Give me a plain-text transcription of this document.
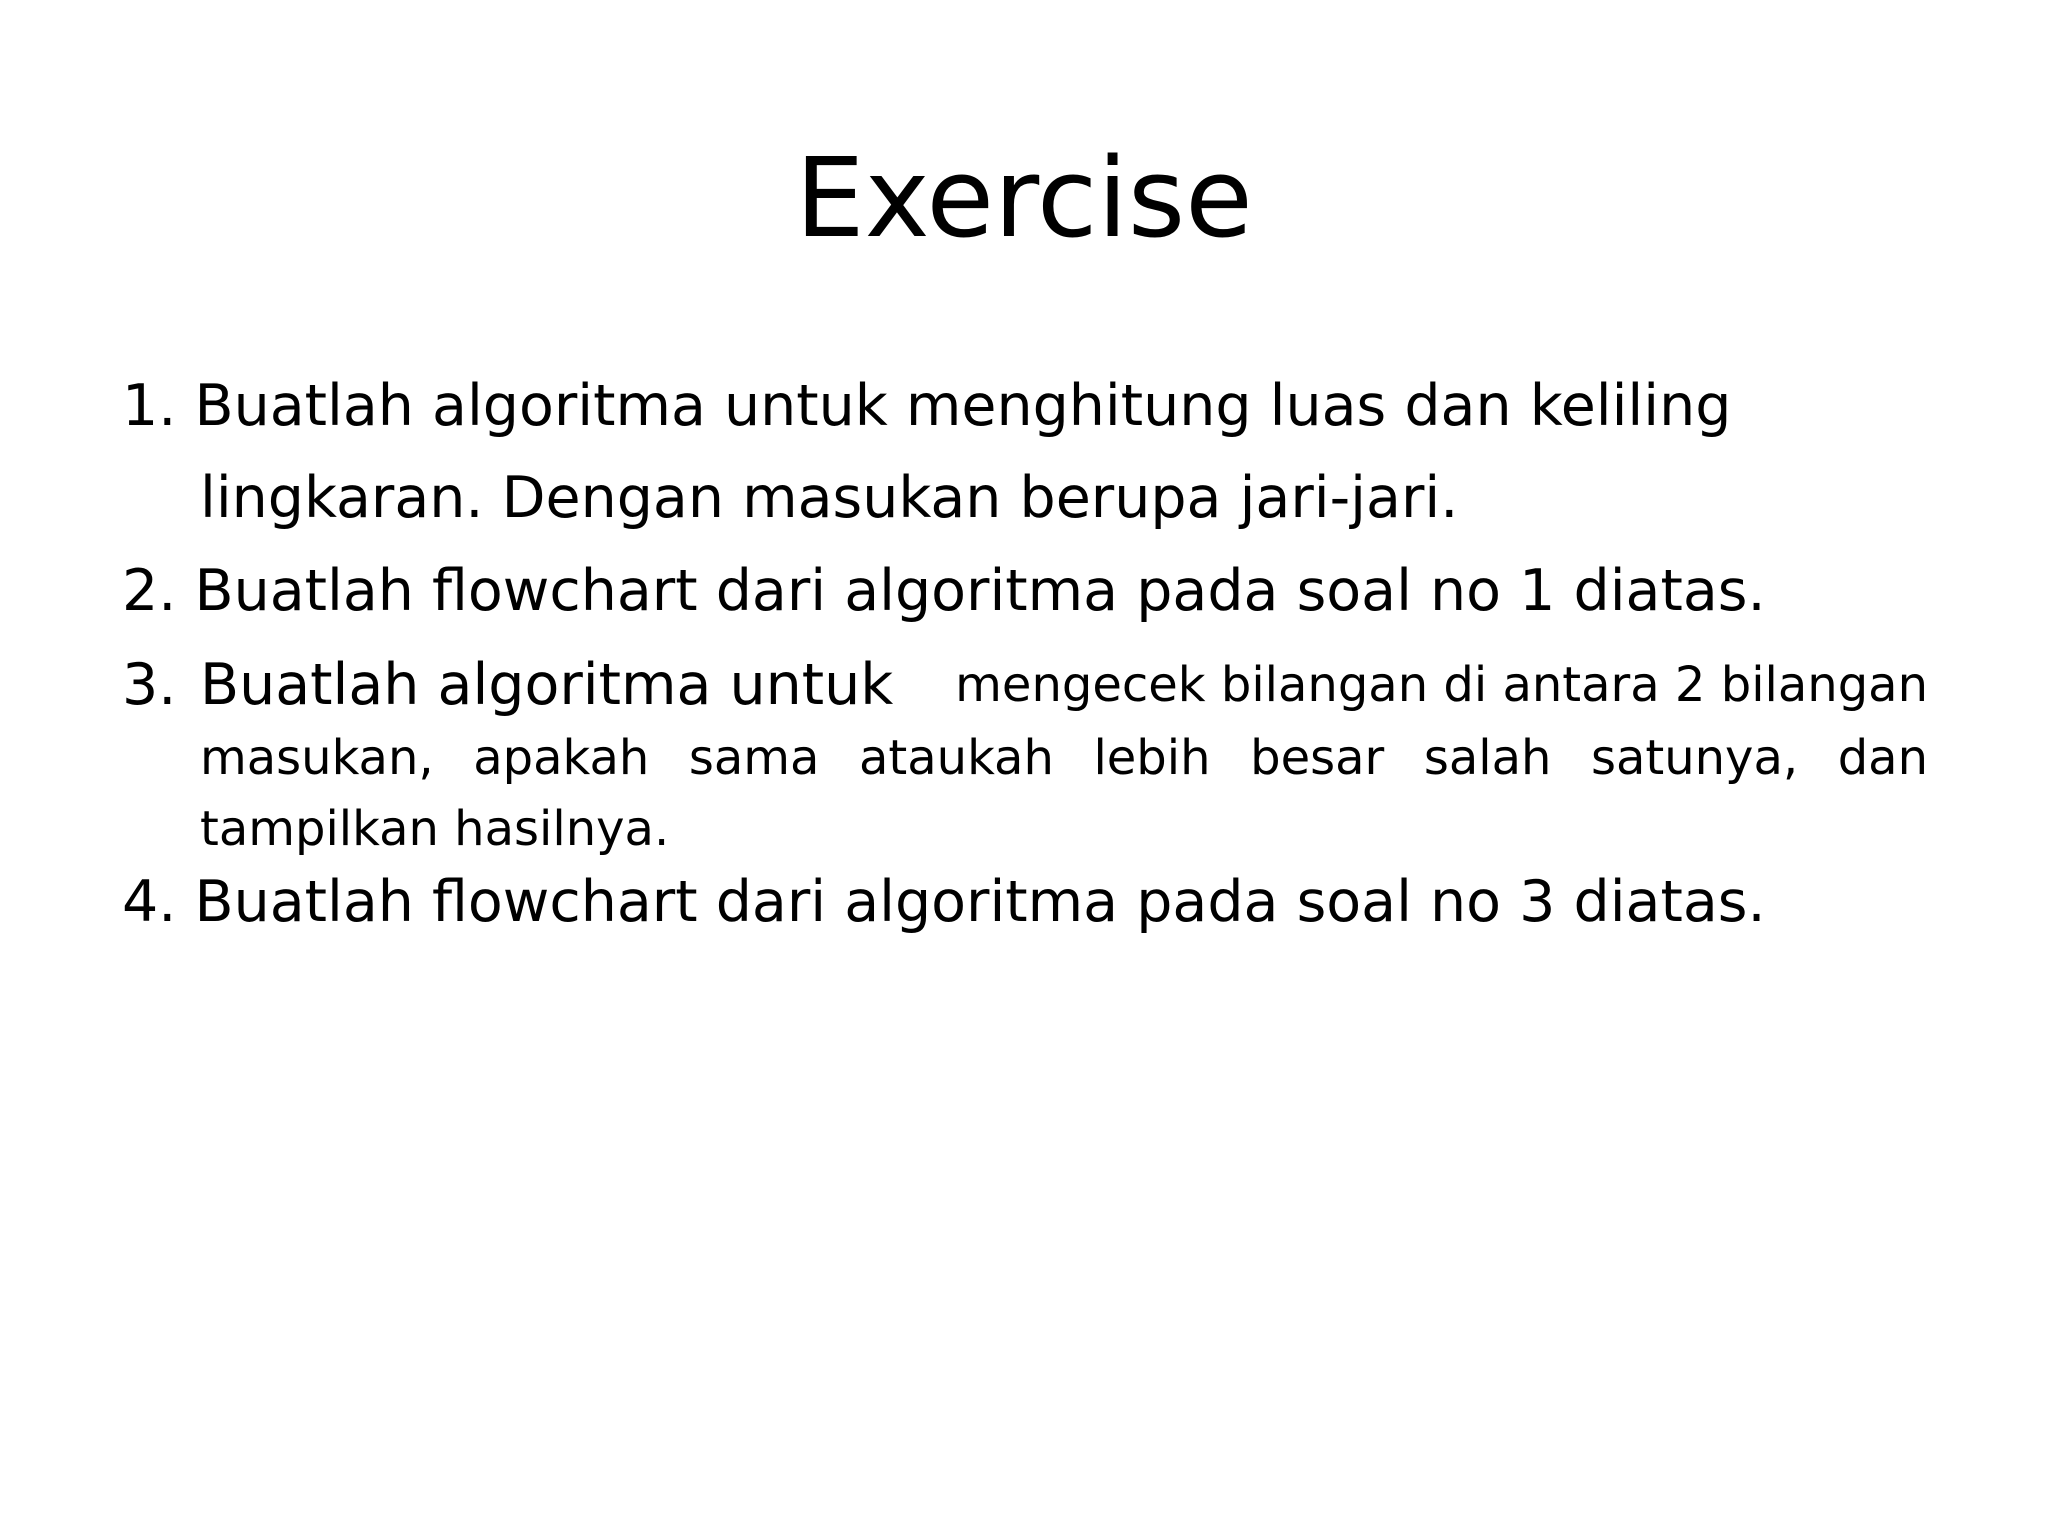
Exercise
1. Buatlah algoritma untuk menghitung luas dan keliling
lingkaran. Dengan masukan berupa jari-jari.
2. Buatlah flowchart dari algoritma pada soal no 1 diatas.
3. Buatlah algoritma untuk mengecek bilangan di antara 2 bilangan
masukan, apakah sama ataukah lebih besar salah satunya, dan
tampilkan hasilnya.
4. Buatlah flowchart dari algoritma pada soal no 3 diatas.
